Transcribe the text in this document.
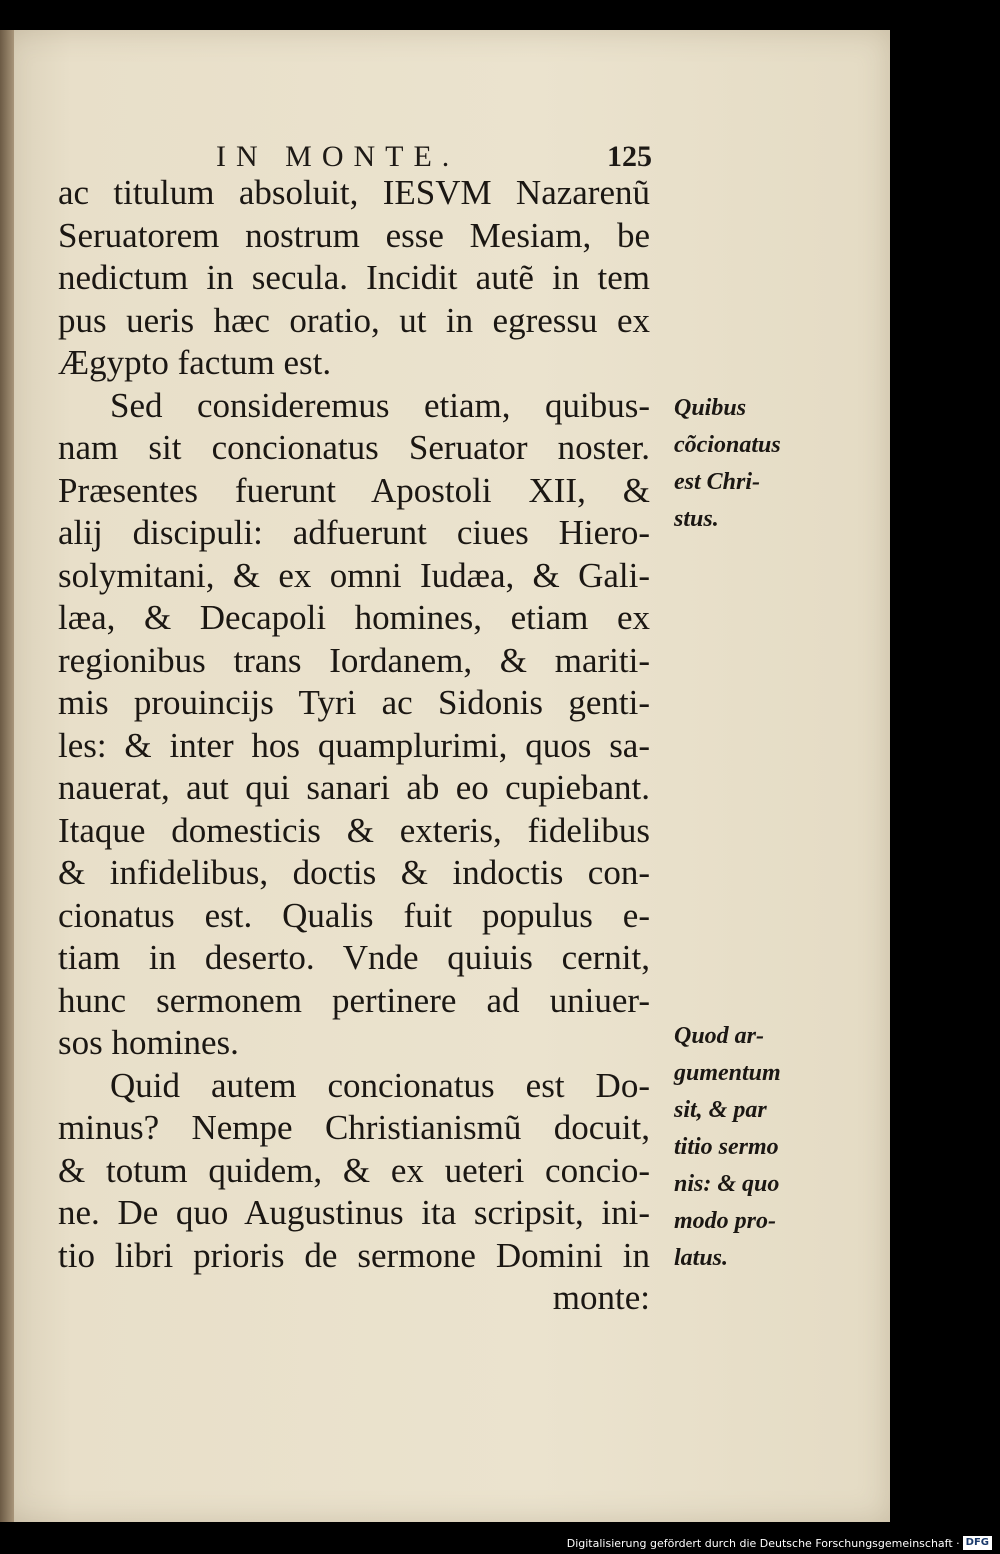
IN MONTE.	125
ac titulum absoluit, IESVM Nazarenũ
Seruatorem nostrum esse Mesiam, be
nedictum in secula. Incidit autẽ in tem
pus ueris hæc oratio, ut in egressu ex
Ægypto factum est.
Sed consideremus etiam, quibus-
nam sit concionatus Seruator noster.
Præsentes fuerunt Apostoli XII, &
alij discipuli: adfuerunt ciues Hiero-
solymitani, & ex omni Iudæa, & Gali-
læa, & Decapoli homines, etiam ex
regionibus trans Iordanem, & mariti-
mis prouincijs Tyri ac Sidonis genti-
les: & inter hos quamplurimi, quos sa-
nauerat, aut qui sanari ab eo cupiebant.
Itaque domesticis & exteris, fidelibus
& infidelibus, doctis & indoctis con-
cionatus est. Qualis fuit populus e-
tiam in deserto. Vnde quiuis cernit,
hunc sermonem pertinere ad uniuer-
sos homines.
Quid autem concionatus est Do-
minus? Nempe Christianismũ docuit,
& totum quidem, & ex ueteri concio-
ne. De quo Augustinus ita scripsit, ini-
tio libri prioris de sermone Domini in
monte:
Quibus
cõcionatus
est Chri-
stus.
Quod ar-
gumentum
sit, & par
titio sermo
nis: & quo
modo pro-
latus.
Digitalisierung gefördert durch die Deutsche Forschungsgemeinschaft · DFG
